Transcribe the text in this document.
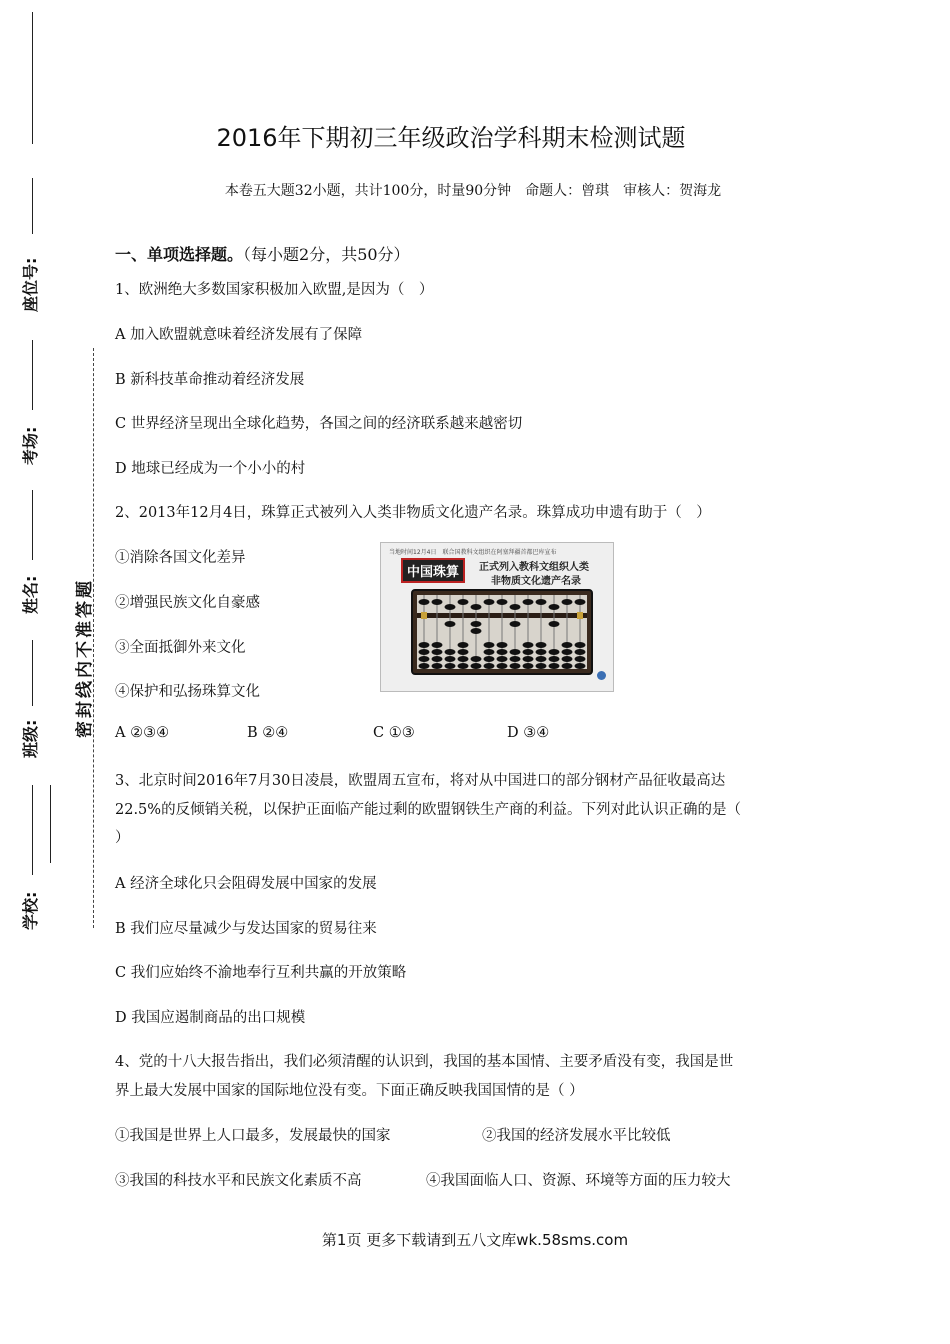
座位号:
考场:
姓名:
班级:
学校:
密封线内不准答题
2016年下期初三年级政治学科期末检测试题
本卷五大题32小题，共计100分，时量90分钟　命题人：曾琪　审核人：贺海龙
一、单项选择题。（每小题2分，共50分）
1、欧洲绝大多数国家积极加入欧盟,是因为（　）
A 加入欧盟就意味着经济发展有了保障
B 新科技革命推动着经济发展
C 世界经济呈现出全球化趋势，各国之间的经济联系越来越密切
D 地球已经成为一个小小的村
2、2013年12月4日，珠算正式被列入人类非物质文化遗产名录。珠算成功申遗有助于（　）
①消除各国文化差异
②增强民族文化自豪感
③全面抵御外来文化
④保护和弘扬珠算文化
A ②③④	B ②④	C ①③	D ③④
当地时间12月4日　联合国教科文组织在阿塞拜疆首都巴库宣布
中国珠算	正式列入教科文组织人类
非物质文化遗产名录
3、北京时间2016年7月30日凌晨，欧盟周五宣布，将对从中国进口的部分钢材产品征收最高达
22.5%的反倾销关税，以保护正面临产能过剩的欧盟钢铁生产商的利益。下列对此认识正确的是（
）
A 经济全球化只会阻碍发展中国家的发展
B 我们应尽量减少与发达国家的贸易往来
C 我们应始终不渝地奉行互利共赢的开放策略
D 我国应遏制商品的出口规模
4、党的十八大报告指出，我们必须清醒的认识到，我国的基本国情、主要矛盾没有变，我国是世
界上最大发展中国家的国际地位没有变。下面正确反映我国国情的是（ ）
①我国是世界上人口最多，发展最快的国家	②我国的经济发展水平比较低
③我国的科技水平和民族文化素质不高	④我国面临人口、资源、环境等方面的压力较大
第1页 更多下载请到五八文库wk.58sms.com
